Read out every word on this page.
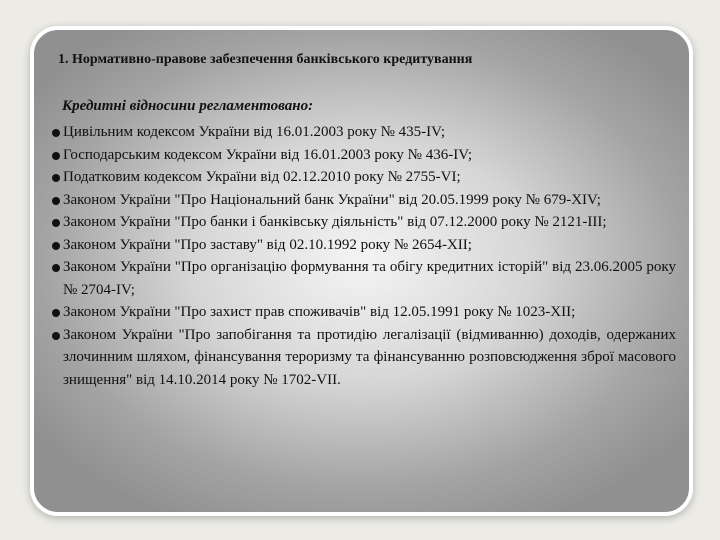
1. Нормативно-правове забезпечення банківського кредитування
Кредитні відносини регламентовано:
Цивільним кодексом України від 16.01.2003 року № 435-IV;
Господарським кодексом України від 16.01.2003 року № 436-IV;
Податковим кодексом України від 02.12.2010 року № 2755-VI;
Законом України "Про Національний банк України" від 20.05.1999 року № 679-XIV;
Законом України "Про банки і банківську діяльність" від 07.12.2000 року № 2121-III;
Законом України "Про заставу" від 02.10.1992 року № 2654-XII;
Законом України "Про організацію формування та обігу кредитних історій" від 23.06.2005 року № 2704-IV;
Законом України "Про захист прав споживачів" від 12.05.1991 року № 1023-XII;
Законом України "Про запобігання та протидію легалізації (відмиванню) доходів, одержаних злочинним шляхом, фінансування тероризму та фінансуванню розповсюдження зброї масового знищення" від 14.10.2014 року № 1702-VII.
